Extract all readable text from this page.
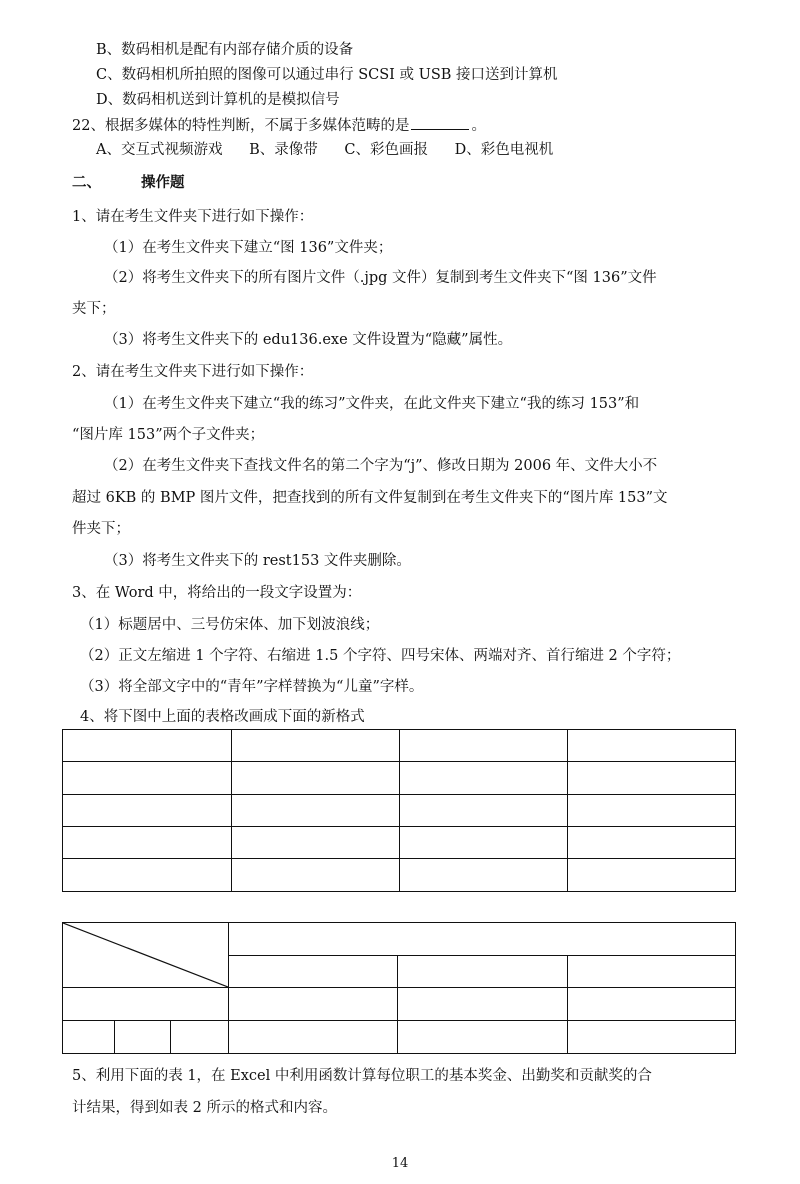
B、数码相机是配有内部存储介质的设备
C、数码相机所拍照的图像可以通过串行 SCSI 或 USB 接口送到计算机
D、数码相机送到计算机的是模拟信号
22、根据多媒体的特性判断，不属于多媒体范畴的是	。
A、交互式视频游戏 B、录像带 C、彩色画报 D、彩色电视机
二、	操作题
1、请在考生文件夹下进行如下操作：
（1）在考生文件夹下建立“图 136”文件夹；
（2）将考生文件夹下的所有图片文件（.jpg 文件）复制到考生文件夹下“图 136”文件
夹下；
（3）将考生文件夹下的 edu136.exe 文件设置为“隐藏”属性。
2、请在考生文件夹下进行如下操作：
（1）在考生文件夹下建立“我的练习”文件夹，在此文件夹下建立“我的练习 153”和
“图片库 153”两个子文件夹；
（2）在考生文件夹下查找文件名的第二个字为“j”、修改日期为 2006 年、文件大小不
超过 6KB 的 BMP 图片文件，把查找到的所有文件复制到在考生文件夹下的“图片库 153”文
件夹下；
（3）将考生文件夹下的 rest153 文件夹删除。
3、在 Word 中，将给出的一段文字设置为：
（1）标题居中、三号仿宋体、加下划波浪线；
（2）正文左缩进 1 个字符、右缩进 1.5 个字符、四号宋体、两端对齐、首行缩进 2 个字符；
（3）将全部文字中的“青年”字样替换为“儿童”字样。
4、将下图中上面的表格改画成下面的新格式

5、利用下面的表 1，在 Excel 中利用函数计算每位职工的基本奖金、出勤奖和贡献奖的合
计结果，得到如表 2 所示的格式和内容。
14
